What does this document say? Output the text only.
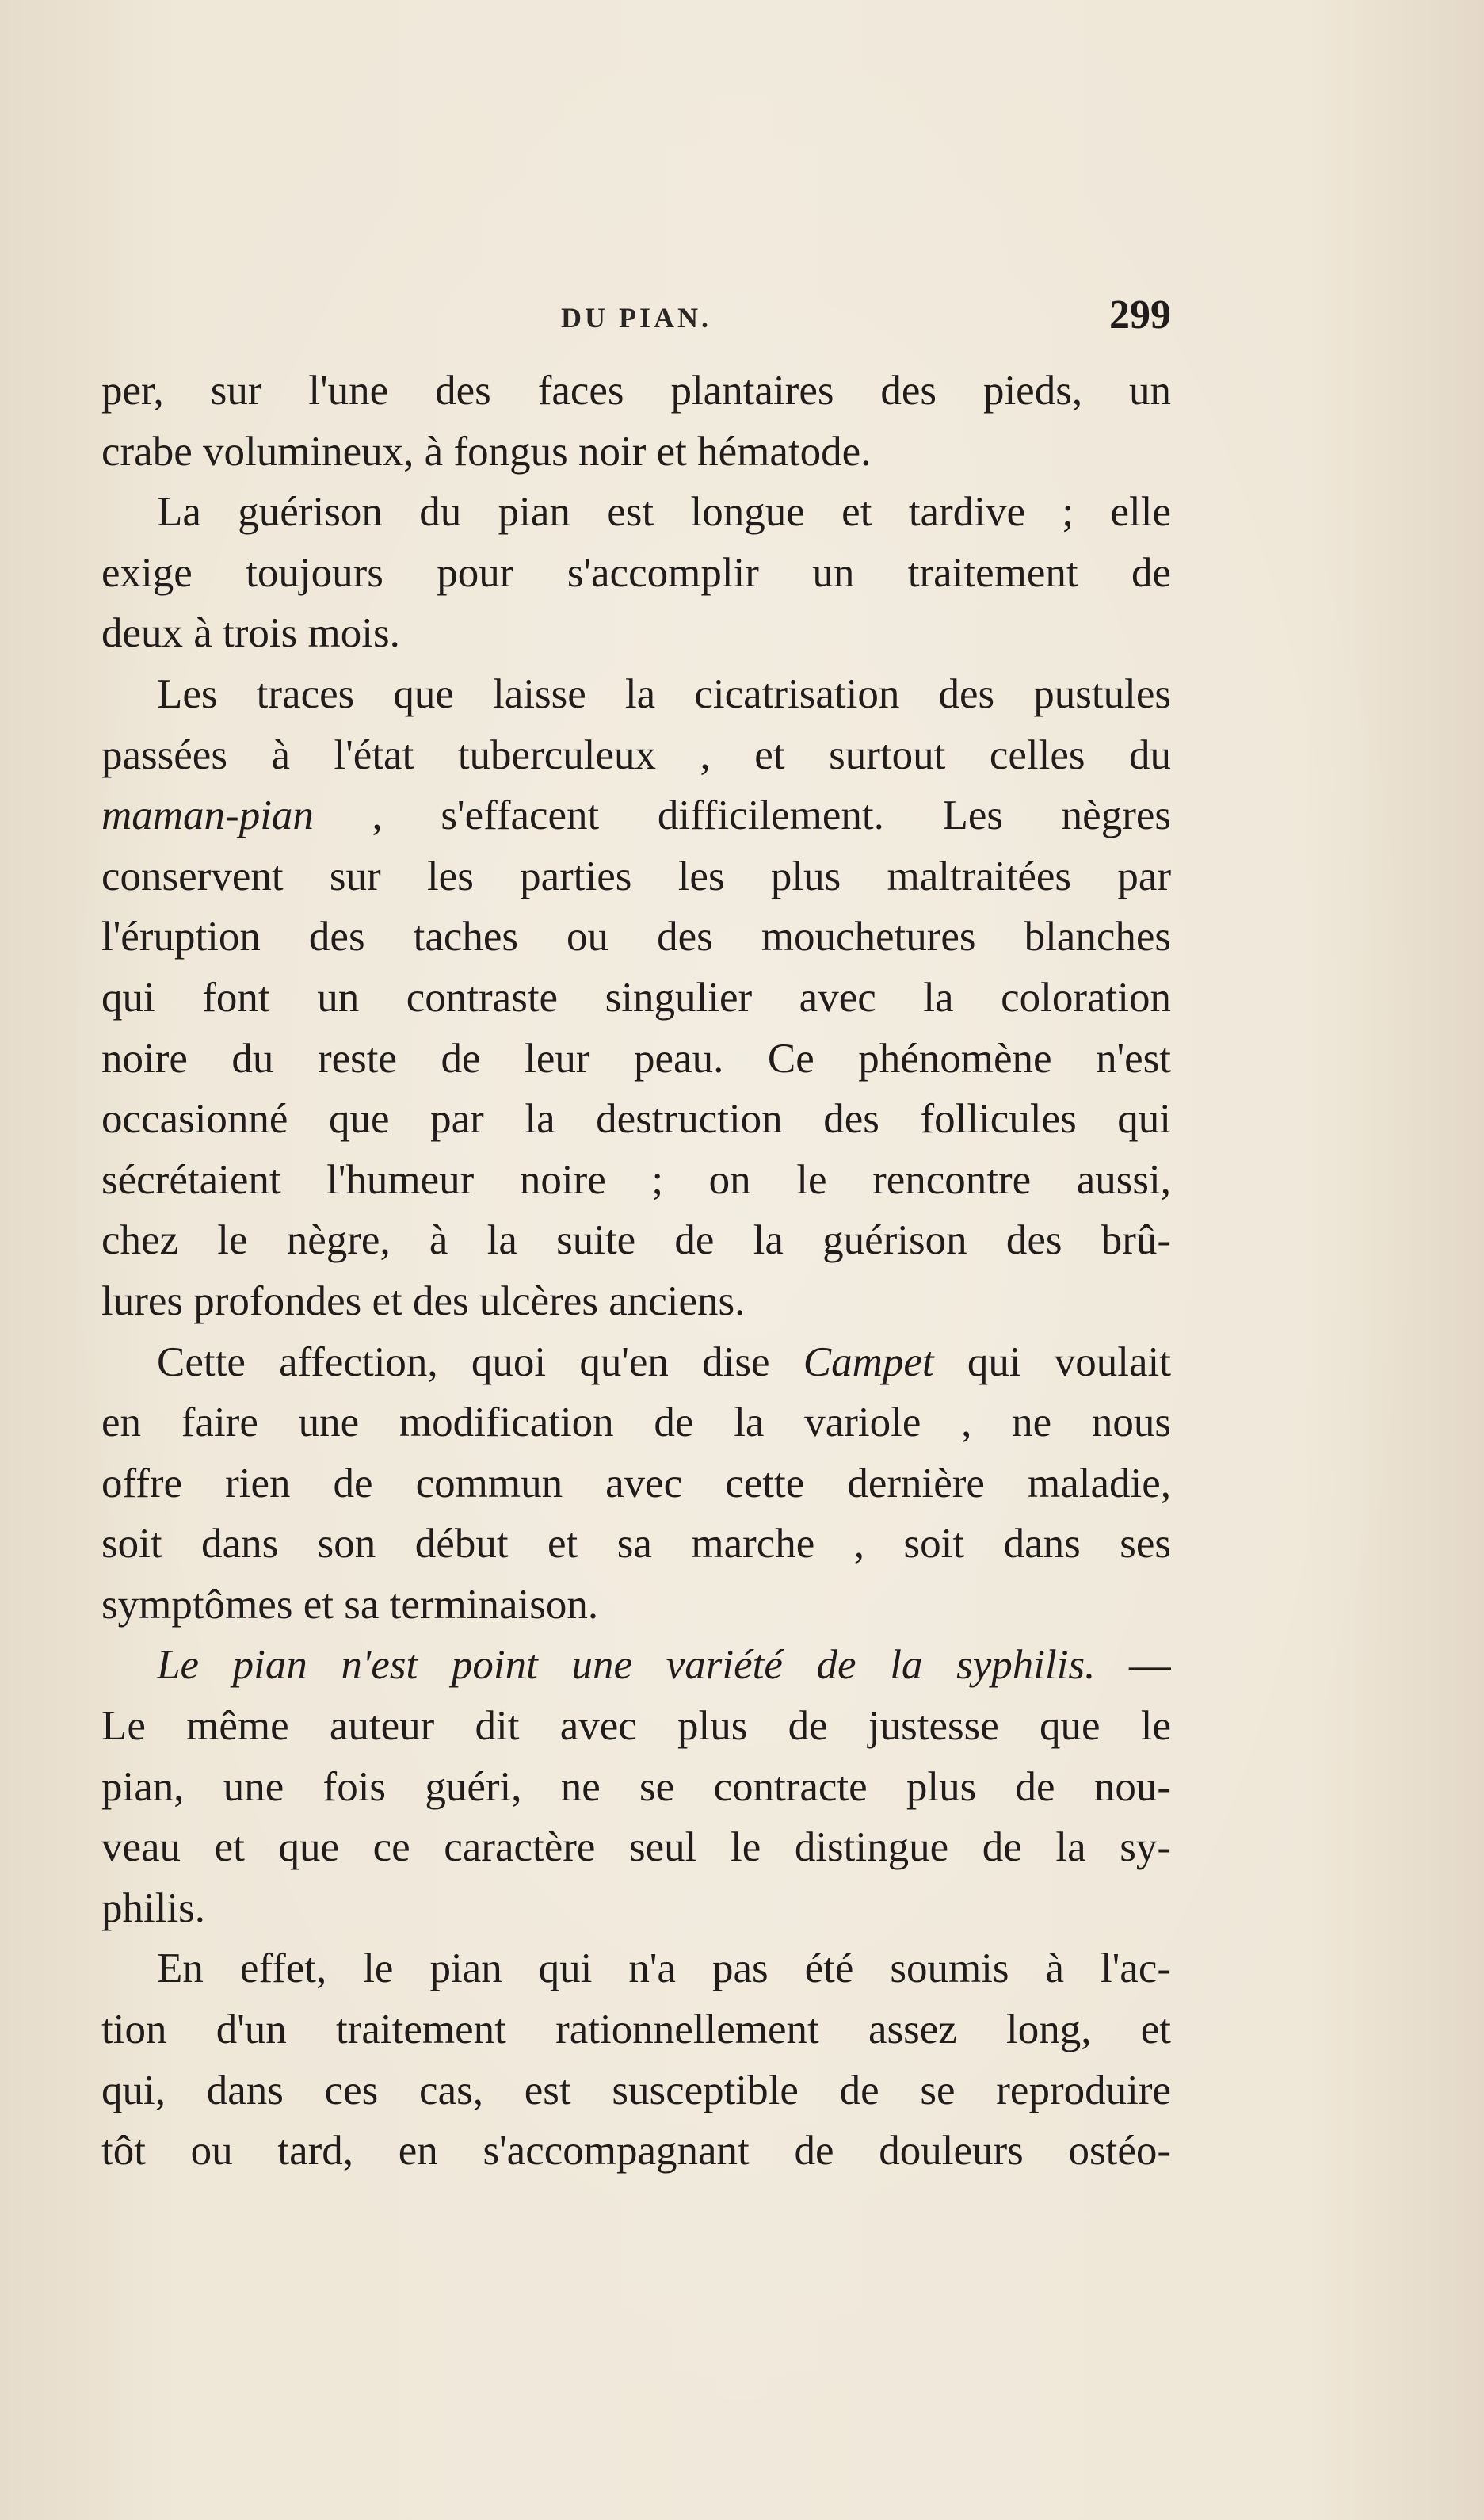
DU PIAN.	299
per, sur l'une des faces plantaires des pieds, un
crabe volumineux, à fongus noir et hématode.
La guérison du pian est longue et tardive ; elle
exige toujours pour s'accomplir un traitement de
deux à trois mois.
Les traces que laisse la cicatrisation des pustules
passées à l'état tuberculeux , et surtout celles du
maman-pian , s'effacent difficilement. Les nègres
conservent sur les parties les plus maltraitées par
l'éruption des taches ou des mouchetures blanches
qui font un contraste singulier avec la coloration
noire du reste de leur peau. Ce phénomène n'est
occasionné que par la destruction des follicules qui
sécrétaient l'humeur noire ; on le rencontre aussi,
chez le nègre, à la suite de la guérison des brû-
lures profondes et des ulcères anciens.
Cette affection, quoi qu'en dise Campet qui voulait
en faire une modification de la variole , ne nous
offre rien de commun avec cette dernière maladie,
soit dans son début et sa marche , soit dans ses
symptômes et sa terminaison.
Le pian n'est point une variété de la syphilis. —
Le même auteur dit avec plus de justesse que le
pian, une fois guéri, ne se contracte plus de nou-
veau et que ce caractère seul le distingue de la sy-
philis.
En effet, le pian qui n'a pas été soumis à l'ac-
tion d'un traitement rationnellement assez long, et
qui, dans ces cas, est susceptible de se reproduire
tôt ou tard, en s'accompagnant de douleurs ostéo-
